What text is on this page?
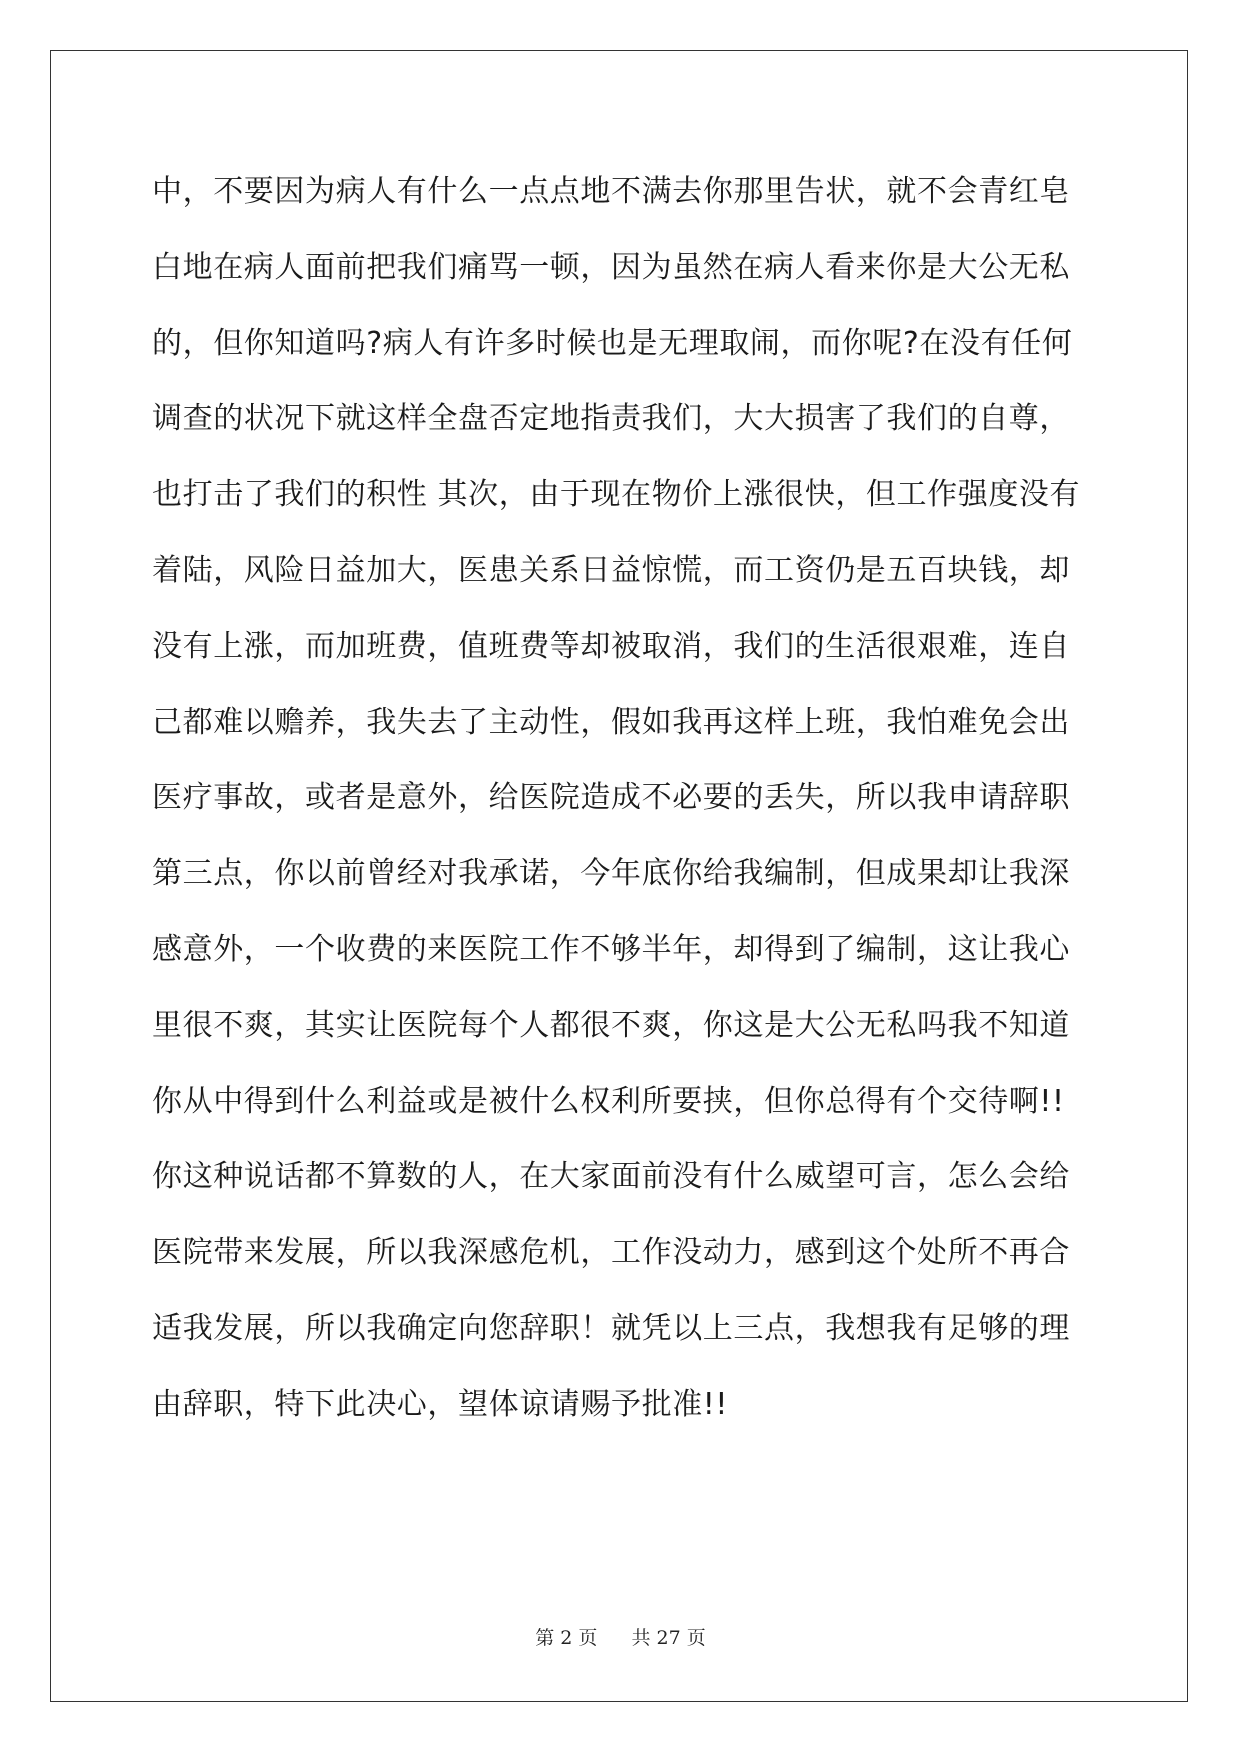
中，不要因为病人有什么一点点地不满去你那里告状，就不会青红皂
白地在病人面前把我们痛骂一顿，因为虽然在病人看来你是大公无私
的，但你知道吗?病人有许多时候也是无理取闹，而你呢?在没有任何
调查的状况下就这样全盘否定地指责我们，大大损害了我们的自尊，
也打击了我们的积性 其次，由于现在物价上涨很快，但工作强度没有
着陆，风险日益加大，医患关系日益惊慌，而工资仍是五百块钱，却
没有上涨，而加班费，值班费等却被取消，我们的生活很艰难，连自
己都难以赡养，我失去了主动性，假如我再这样上班，我怕难免会出
医疗事故，或者是意外，给医院造成不必要的丢失，所以我申请辞职
第三点，你以前曾经对我承诺，今年底你给我编制，但成果却让我深
感意外，一个收费的来医院工作不够半年，却得到了编制，这让我心
里很不爽，其实让医院每个人都很不爽，你这是大公无私吗我不知道
你从中得到什么利益或是被什么权利所要挟，但你总得有个交待啊!!
你这种说话都不算数的人，在大家面前没有什么威望可言，怎么会给
医院带来发展，所以我深感危机，工作没动力，感到这个处所不再合
适我发展，所以我确定向您辞职！就凭以上三点，我想我有足够的理
由辞职，特下此决心，望体谅请赐予批准!!
第 2 页 共 27 页
